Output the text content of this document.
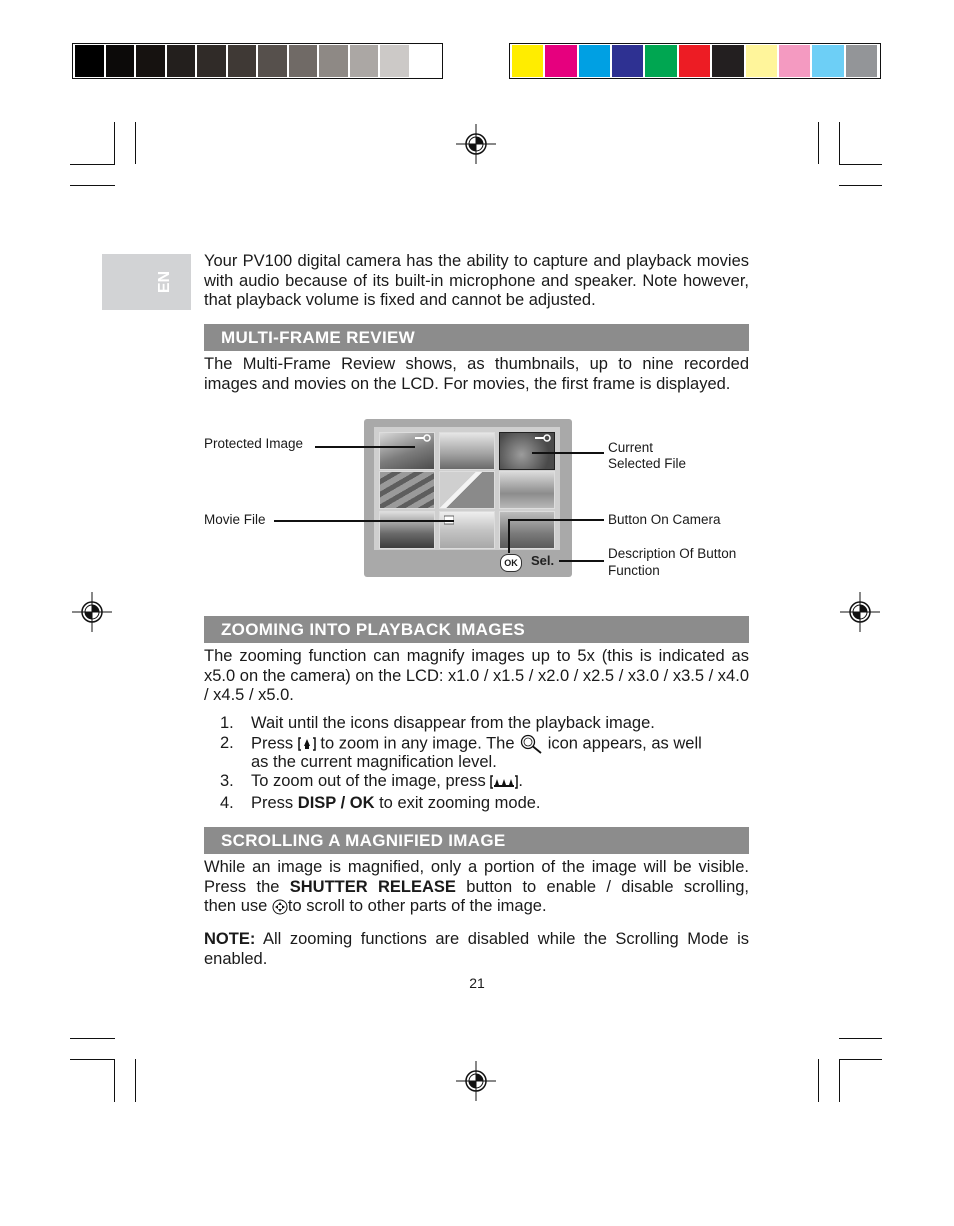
EN

Your PV100 digital camera has the ability to capture and playback movies with audio because of its built-in microphone and speaker. Note however, that playback volume is fixed and cannot be adjusted.

MULTI-FRAME REVIEW

The Multi-Frame Review shows, as thumbnails, up to nine recorded images and movies on the LCD. For movies, the first frame is displayed.

OK	Sel.
Protected Image
Movie File
Current
Selected File
Button On Camera
Description Of Button
Function
ZOOMING INTO PLAYBACK IMAGES

The zooming function can magnify images up to 5x (this is indicated as x5.0 on the camera) on the LCD: x1.0 / x1.5 / x2.0 / x2.5 / x3.0 / x3.5 / x4.0 / x4.5 / x5.0.

1. Wait until the icons disappear from the playback image.
2. Press to zoom in any image. The icon appears, as well
as the current magnification level.
3. To zoom out of the image, press .
4. Press DISP / OK to exit zooming mode.
SCROLLING A MAGNIFIED IMAGE
While an image is magnified, only a portion of the image will be visible.
Press the SHUTTER RELEASE button to enable / disable scrolling,
then use to scroll to other parts of the image.

NOTE: All zooming functions are disabled while the Scrolling Mode is enabled.

21
